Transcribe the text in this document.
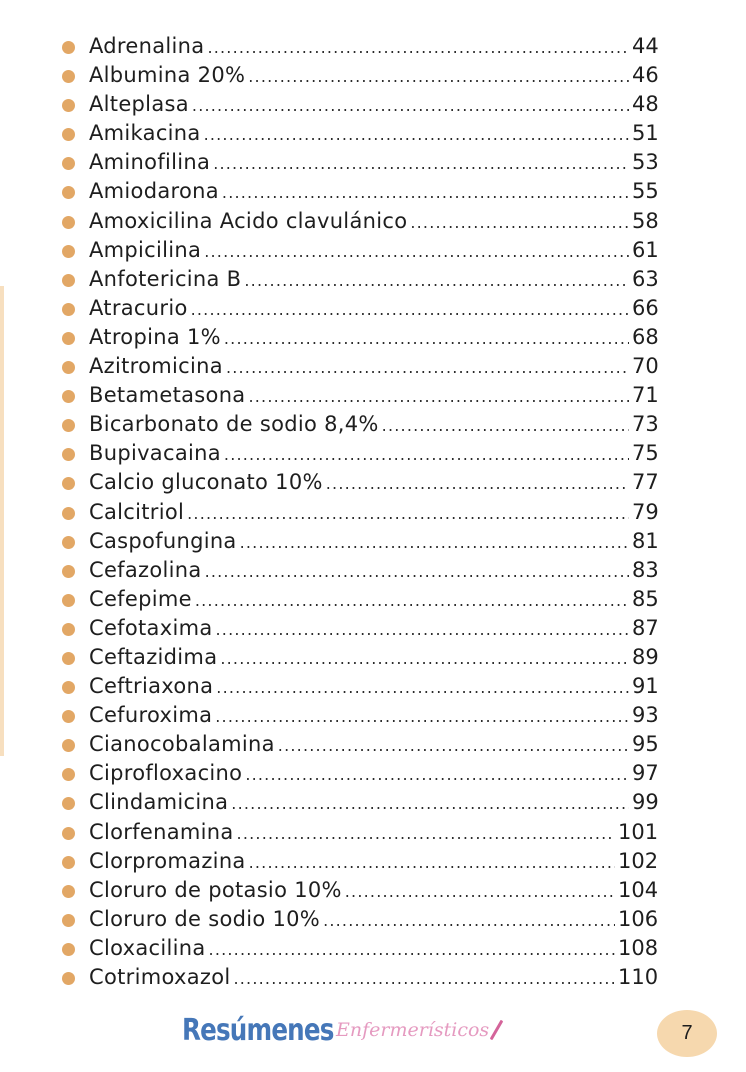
Adrenalina .....	44
Albumina 20% .....	46
Alteplasa .....	48
Amikacina .....	51
Aminofilina .....	53
Amiodarona .....	55
Amoxicilina Acido clavulánico .....	58
Ampicilina .....	61
Anfotericina B .....	63
Atracurio .....	66
Atropina 1% .....	68
Azitromicina .....	70
Betametasona .....	71
Bicarbonato de sodio 8,4% .....	73
Bupivacaina .....	75
Calcio gluconato 10% .....	77
Calcitriol .....	79
Caspofungina .....	81
Cefazolina .....	83
Cefepime .....	85
Cefotaxima .....	87
Ceftazidima .....	89
Ceftriaxona .....	91
Cefuroxima .....	93
Cianocobalamina .....	95
Ciprofloxacino .....	97
Clindamicina .....	99
Clorfenamina .....	101
Clorpromazina .....	102
Cloruro de potasio 10% .....	104
Cloruro de sodio 10% .....	106
Cloxacilina .....	108
Cotrimoxazol .....	110
Resúmenes Enfermerísticos	7
